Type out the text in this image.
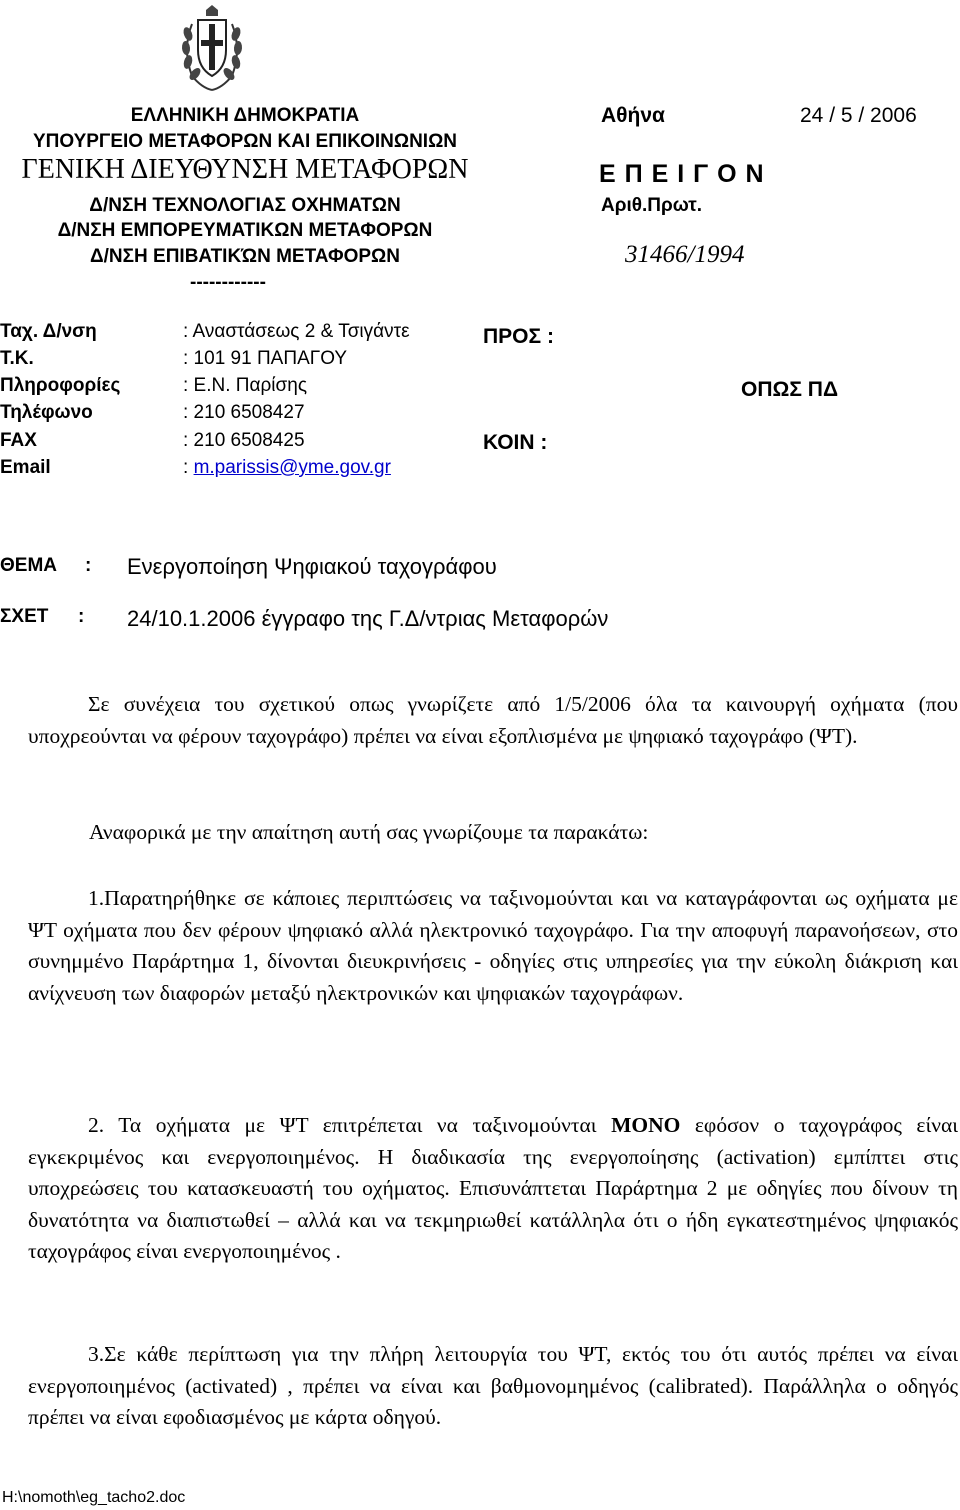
ΕΛΛΗΝΙΚΗ ΔΗΜΟΚΡΑΤΙΑ
ΥΠΟΥΡΓΕΙΟ ΜΕΤΑΦΟΡΩΝ ΚΑΙ ΕΠΙΚΟΙΝΩΝΙΩΝ
ΓΕΝΙΚΗ ΔΙΕΥΘΥΝΣΗ ΜΕΤΑΦΟΡΩΝ
Δ/ΝΣΗ ΤΕΧΝΟΛΟΓΙΑΣ ΟΧΗΜΑΤΩΝ
Δ/ΝΣΗ ΕΜΠΟΡΕΥΜΑΤΙΚΩΝ ΜΕΤΑΦΟΡΩΝ
Δ/ΝΣΗ ΕΠΙΒΑΤΙΚΏΝ ΜΕΤΑΦΟΡΩΝ
------------
Αθήνα	24 / 5 / 2006
Ε Π Ε Ι Γ Ο Ν
Αριθ.Πρωτ.
31466/1994
Ταχ. Δ/νση	: Αναστάσεως 2 & Τσιγάντε
Τ.Κ.	: 101 91 ΠΑΠΑΓΟΥ
Πληροφορίες	: Ε.Ν. Παρίσης
Τηλέφωνο	: 210 6508427
FAX	: 210 6508425
Email	: m.parissis@yme.gov.gr
ΠΡΟΣ :
ΟΠΩΣ ΠΔ
ΚΟΙΝ :
ΘΕΜΑ : Ενεργοποίηση Ψηφιακού ταχογράφου
ΣΧΕΤ : 24/10.1.2006 έγγραφο της Γ.Δ/ντριας Μεταφορών
Σε συνέχεια του σχετικού οπως γνωρίζετε από 1/5/2006 όλα τα καινουργή οχήματα (που υποχρεούνται να φέρουν ταχογράφο) πρέπει να είναι εξοπλισμένα με ψηφιακό ταχογράφο (ΨΤ).
Αναφορικά με την απαίτηση αυτή σας γνωρίζουμε τα παρακάτω:
1.Παρατηρήθηκε σε κάποιες περιπτώσεις να ταξινομούνται και να καταγράφονται ως οχήματα με ΨΤ οχήματα που δεν φέρουν ψηφιακό αλλά ηλεκτρονικό ταχογράφο. Για την αποφυγή παρανοήσεων, στο συνημμένο Παράρτημα 1, δίνονται διευκρινήσεις - οδηγίες στις υπηρεσίες για την εύκολη διάκριση και ανίχνευση των διαφορών μεταξύ ηλεκτρονικών και ψηφιακών ταχογράφων.
2. Τα οχήματα με ΨΤ επιτρέπεται να ταξινομούνται ΜΟΝΟ εφόσον ο ταχογράφος είναι εγκεκριμένος και ενεργοποιημένος. Η διαδικασία της ενεργοποίησης (activation) εμπίπτει στις υποχρεώσεις του κατασκευαστή του οχήματος. Επισυνάπτεται Παράρτημα 2 με οδηγίες που δίνουν τη δυνατότητα να διαπιστωθεί – αλλά και να τεκμηριωθεί κατάλληλα ότι ο ήδη εγκατεστημένος ψηφιακός ταχογράφος είναι ενεργοποιημένος .
3.Σε κάθε περίπτωση για την πλήρη λειτουργία του ΨΤ, εκτός του ότι αυτός πρέπει να είναι ενεργοποιημένος (activated) , πρέπει να είναι και βαθμονομημένος (calibrated). Παράλληλα ο οδηγός πρέπει να είναι εφοδιασμένος με κάρτα οδηγού.
H:\nomoth\eg_tacho2.doc
